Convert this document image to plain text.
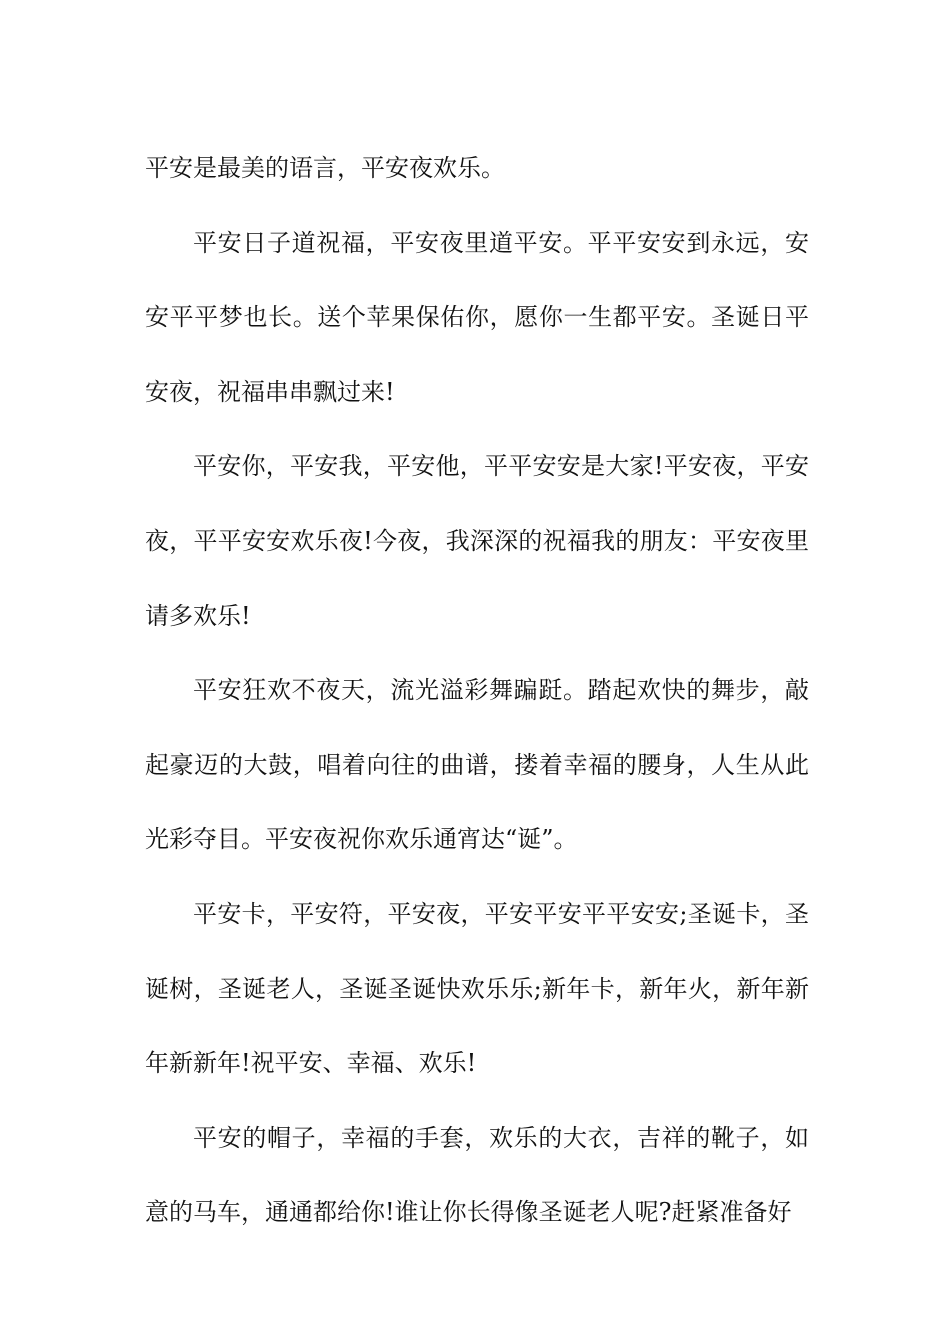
平安是最美的语言，平安夜欢乐。

平安日子道祝福，平安夜里道平安。平平安安到永远，安安平平梦也长。送个苹果保佑你，愿你一生都平安。圣诞日平安夜，祝福串串飘过来!

平安你，平安我，平安他，平平安安是大家!平安夜，平安夜，平平安安欢乐夜!今夜，我深深的祝福我的朋友：平安夜里请多欢乐!

平安狂欢不夜天，流光溢彩舞蹁跹。踏起欢快的舞步，敲起豪迈的大鼓，唱着向往的曲谱，搂着幸福的腰身，人生从此光彩夺目。平安夜祝你欢乐通宵达“诞”。

平安卡，平安符，平安夜，平安平安平平安安;圣诞卡，圣诞树，圣诞老人，圣诞圣诞快欢乐乐;新年卡，新年火，新年新年新新年!祝平安、幸福、欢乐!

平安的帽子，幸福的手套，欢乐的大衣，吉祥的靴子，如意的马车，通通都给你!谁让你长得像圣诞老人呢?赶紧准备好
